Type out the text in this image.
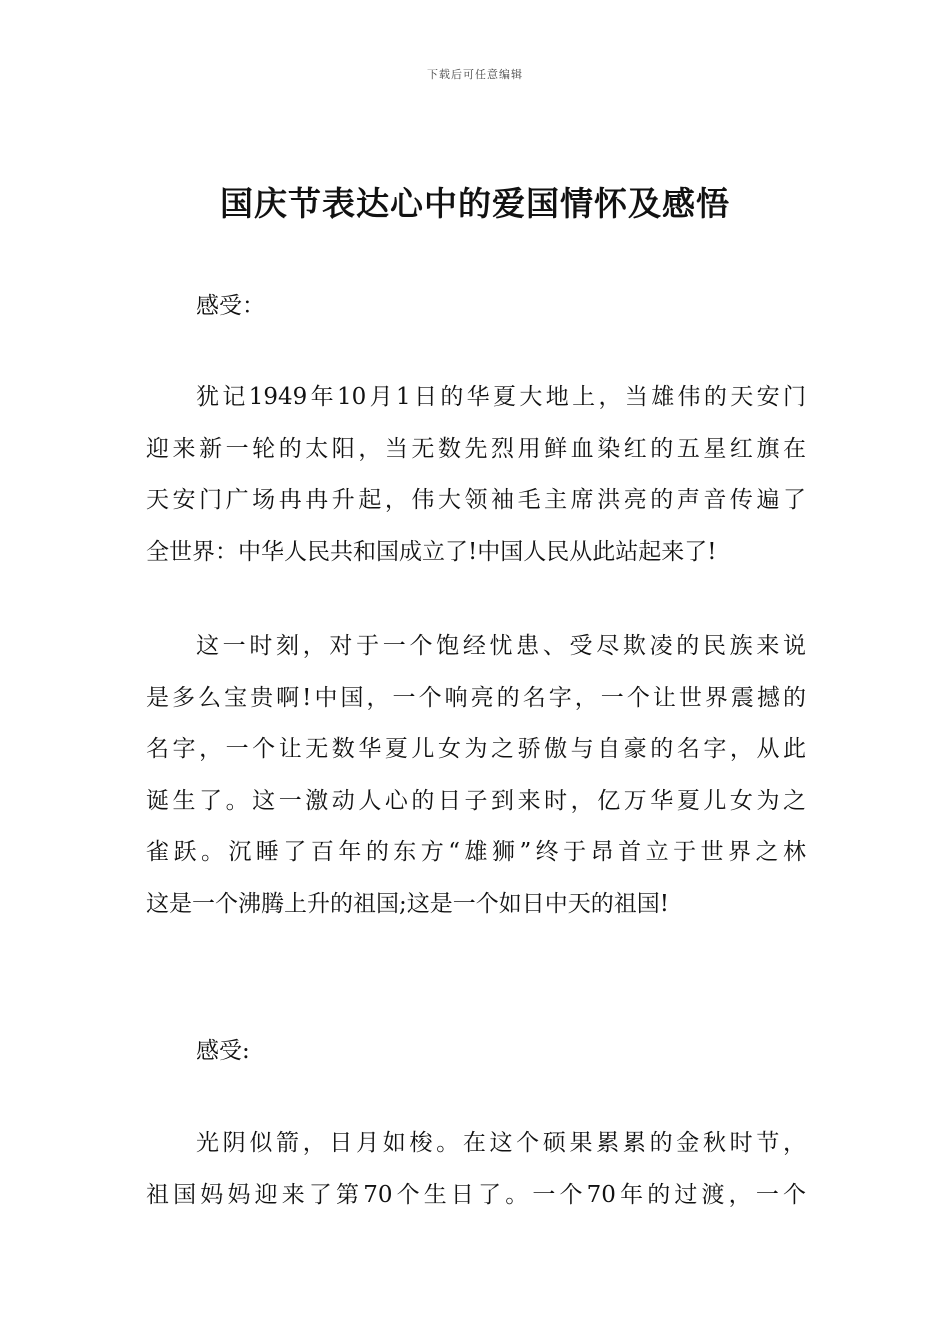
下载后可任意编辑
国庆节表达心中的爱国情怀及感悟
感受：
犹记1949年10月1日的华夏大地上，当雄伟的天安门
迎来新一轮的太阳，当无数先烈用鲜血染红的五星红旗在
天安门广场冉冉升起，伟大领袖毛主席洪亮的声音传遍了
全世界：中华人民共和国成立了!中国人民从此站起来了!
这一时刻，对于一个饱经忧患、受尽欺凌的民族来说
是多么宝贵啊!中国，一个响亮的名字，一个让世界震撼的
名字，一个让无数华夏儿女为之骄傲与自豪的名字，从此
诞生了。这一激动人心的日子到来时，亿万华夏儿女为之
雀跃。沉睡了百年的东方“雄狮”终于昂首立于世界之林
这是一个沸腾上升的祖国;这是一个如日中天的祖国!
感受:
光阴似箭，日月如梭。在这个硕果累累的金秋时节，
祖国妈妈迎来了第70个生日了。一个70年的过渡，一个
